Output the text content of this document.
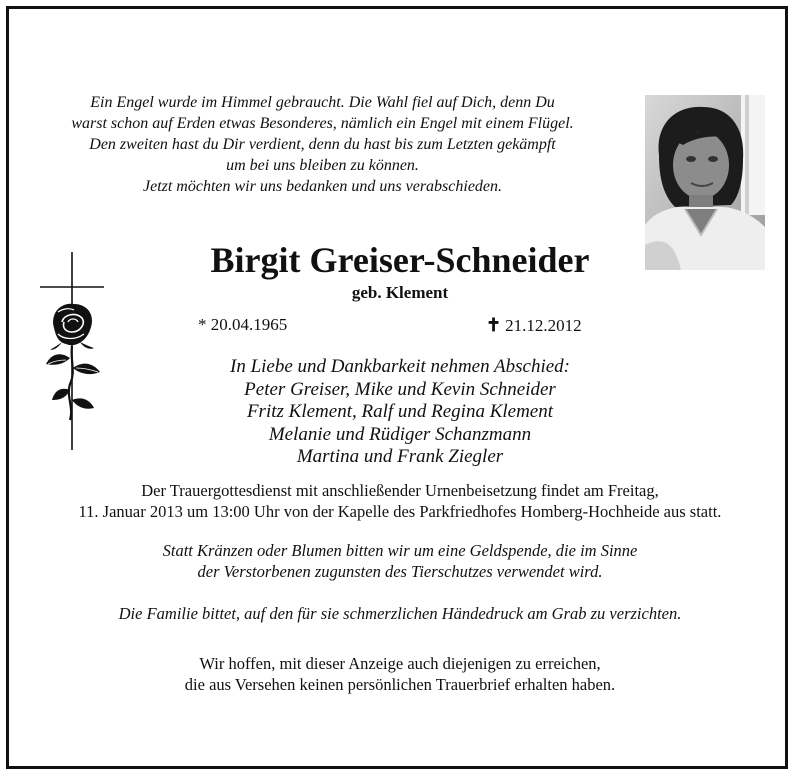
Ein Engel wurde im Himmel gebraucht. Die Wahl fiel auf Dich, denn Du
warst schon auf Erden etwas Besonderes, nämlich ein Engel mit einem Flügel.
Den zweiten hast du Dir verdient, denn du hast bis zum Letzten gekämpft
um bei uns bleiben zu können.
Jetzt möchten wir uns bedanken und uns verabschieden.
Birgit Greiser-Schneider
geb. Klement
* 20.04.1965	✝ 21.12.2012
In Liebe und Dankbarkeit nehmen Abschied:
Peter Greiser, Mike und Kevin Schneider
Fritz Klement, Ralf und Regina Klement
Melanie und Rüdiger Schanzmann
Martina und Frank Ziegler
Der Trauergottesdienst mit anschließender Urnenbeisetzung findet am Freitag,
11. Januar 2013 um 13:00 Uhr von der Kapelle des Parkfriedhofes Homberg-Hochheide aus statt.
Statt Kränzen oder Blumen bitten wir um eine Geldspende, die im Sinne
der Verstorbenen zugunsten des Tierschutzes verwendet wird.
Die Familie bittet, auf den für sie schmerzlichen Händedruck am Grab zu verzichten.
Wir hoffen, mit dieser Anzeige auch diejenigen zu erreichen,
die aus Versehen keinen persönlichen Trauerbrief erhalten haben.
